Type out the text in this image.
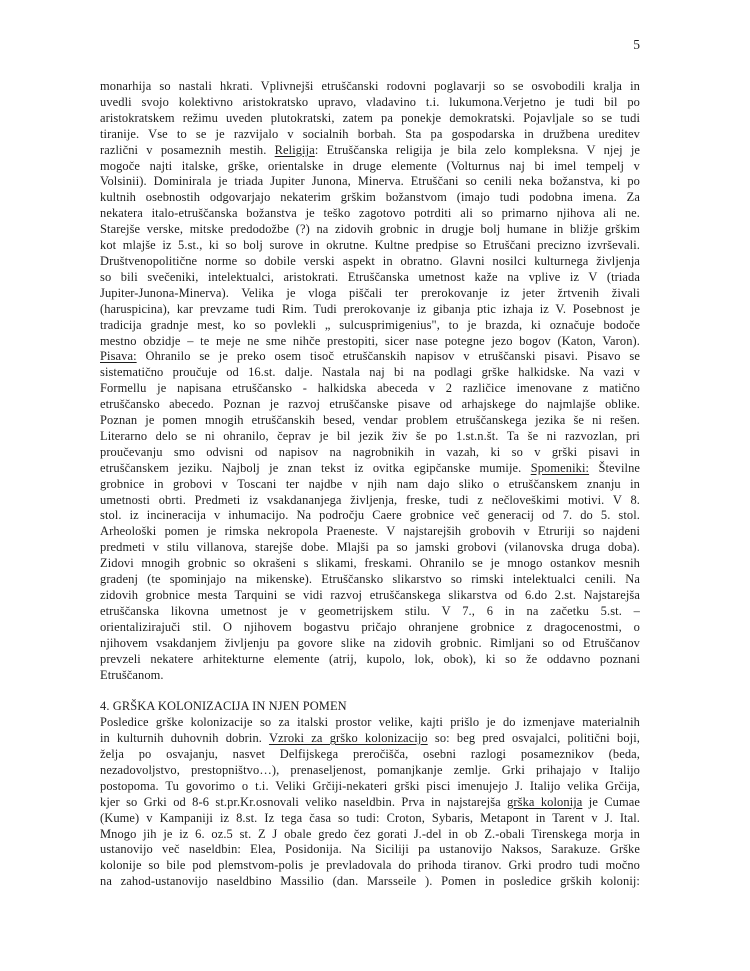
5
monarhija so nastali hkrati. Vplivnejši etruščanski rodovni poglavarji so se osvobodili kralja in
uvedli svojo kolektivno aristokratsko upravo, vladavino t.i. lukumona.Verjetno je tudi bil po
aristokratskem režimu uveden plutokratski, zatem pa ponekje demokratski. Pojavljale so se tudi
tiranije. Vse to se je razvijalo v socialnih borbah. Sta pa gospodarska in družbena ureditev
različni v posameznih mestih. Religija: Etruščanska religija je bila zelo kompleksna. V njej je
mogoče najti italske, grške, orientalske in druge elemente (Volturnus naj bi imel tempelj v
Volsinii). Dominirala je triada Jupiter Junona, Minerva. Etruščani so cenili neka božanstva, ki po
kultnih osebnostih odgovarjajo nekaterim grškim božanstvom (imajo tudi podobna imena. Za
nekatera italo-etruščanska božanstva je teško zagotovo potrditi ali so primarno njihova ali ne.
Starejše verske, mitske predodožbe (?) na zidovih grobnic in drugje bolj humane in bližje grškim
kot mlajše iz 5.st., ki so bolj surove in okrutne. Kultne predpise so Etruščani precizno izvrševali.
Društvenopolitične norme so dobile verski aspekt in obratno. Glavni nosilci kulturnega življenja
so bili svečeniki, intelektualci, aristokrati. Etruščanska umetnost kaže na vplive iz V (triada
Jupiter-Junona-Minerva). Velika je vloga piščali ter prerokovanje iz jeter žrtvenih živali
(haruspicina), kar prevzame tudi Rim. Tudi prerokovanje iz gibanja ptic izhaja iz V. Posebnost je
tradicija gradnje mest, ko so povlekli „ sulcusprimigenius", to je brazda, ki označuje bodoče
mestno obzidje – te meje ne sme nihče prestopiti, sicer nase potegne jezo bogov (Katon, Varon).
Pisava: Ohranilo se je preko osem tisoč etruščanskih napisov v etruščanski pisavi. Pisavo se
sistematično proučuje od 16.st. dalje. Nastala naj bi na podlagi grške halkidske. Na vazi v
Formellu je napisana etruščansko - halkidska abeceda v 2 različice imenovane z matično
etruščansko abecedo. Poznan je razvoj etruščanske pisave od arhajskege do najmlajše oblike.
Poznan je pomen mnogih etruščanskih besed, vendar problem etruščanskega jezika še ni rešen.
Literarno delo se ni ohranilo, čeprav je bil jezik živ še po 1.st.n.št. Ta še ni razvozlan, pri
proučevanju smo odvisni od napisov na nagrobnikih in vazah, ki so v grški pisavi in
etruščanskem jeziku. Najbolj je znan tekst iz ovitka egipčanske mumije. Spomeniki: Številne
grobnice in grobovi v Toscani ter najdbe v njih nam dajo sliko o etruščanskem znanju in
umetnosti obrti. Predmeti iz vsakdananjega življenja, freske, tudi z nečloveškimi motivi. V 8.
stol. iz incineracija v inhumacijo. Na področju Caere grobnice več generacij od 7. do 5. stol.
Arheološki pomen je rimska nekropola Praeneste. V najstarejših grobovih v Etruriji so najdeni
predmeti v stilu villanova, starejše dobe. Mlajši pa so jamski grobovi (vilanovska druga doba).
Zidovi mnogih grobnic so okrašeni s slikami, freskami. Ohranilo se je mnogo ostankov mesnih
gradenj (te spominjajo na mikenske). Etruščansko slikarstvo so rimski intelektualci cenili. Na
zidovih grobnice mesta Tarquini se vidi razvoj etruščanskega slikarstva od 6.do 2.st. Najstarejša
etruščanska likovna umetnost je v geometrijskem stilu. V 7., 6 in na začetku 5.st. –
orientalizirajuči stil. O njihovem bogastvu pričajo ohranjene grobnice z dragocenostmi, o
njihovem vsakdanjem življenju pa govore slike na zidovih grobnic. Rimljani so od Etruščanov
prevzeli nekatere arhitekturne elemente (atrij, kupolo, lok, obok), ki so že oddavno poznani
Etruščanom.
4. GRŠKA KOLONIZACIJA IN NJEN POMEN
Posledice grške kolonizacije so za italski prostor velike, kajti prišlo je do izmenjave materialnih
in kulturnih duhovnih dobrin. Vzroki za grško kolonizacijo so: beg pred osvajalci, politični boji,
želja po osvajanju, nasvet Delfijskega preročišča, osebni razlogi posameznikov (beda,
nezadovoljstvo, prestopništvo…), prenaseljenost, pomanjkanje zemlje. Grki prihajajo v Italijo
postopoma. Tu govorimo o t.i. Veliki Grčiji-nekateri grški pisci imenujejo J. Italijo velika Grčija,
kjer so Grki od 8-6 st.pr.Kr.osnovali veliko naseldbin. Prva in najstarejša grška kolonija je Cumae
(Kume) v Kampaniji iz 8.st. Iz tega časa so tudi: Croton, Sybaris, Metapont in Tarent v J. Ital.
Mnogo jih je iz 6. oz.5 st. Z J obale gredo čez gorati J.-del in ob Z.-obali Tirenskega morja in
ustanovijo več naseldbin: Elea, Posidonija. Na Siciliji pa ustanovijo Naksos, Sarakuze. Grške
kolonije so bile pod plemstvom-polis je prevladovala do prihoda tiranov. Grki prodro tudi močno
na zahod-ustanovijo naseldbino Massilio (dan. Marsseile ). Pomen in posledice grških kolonij:
